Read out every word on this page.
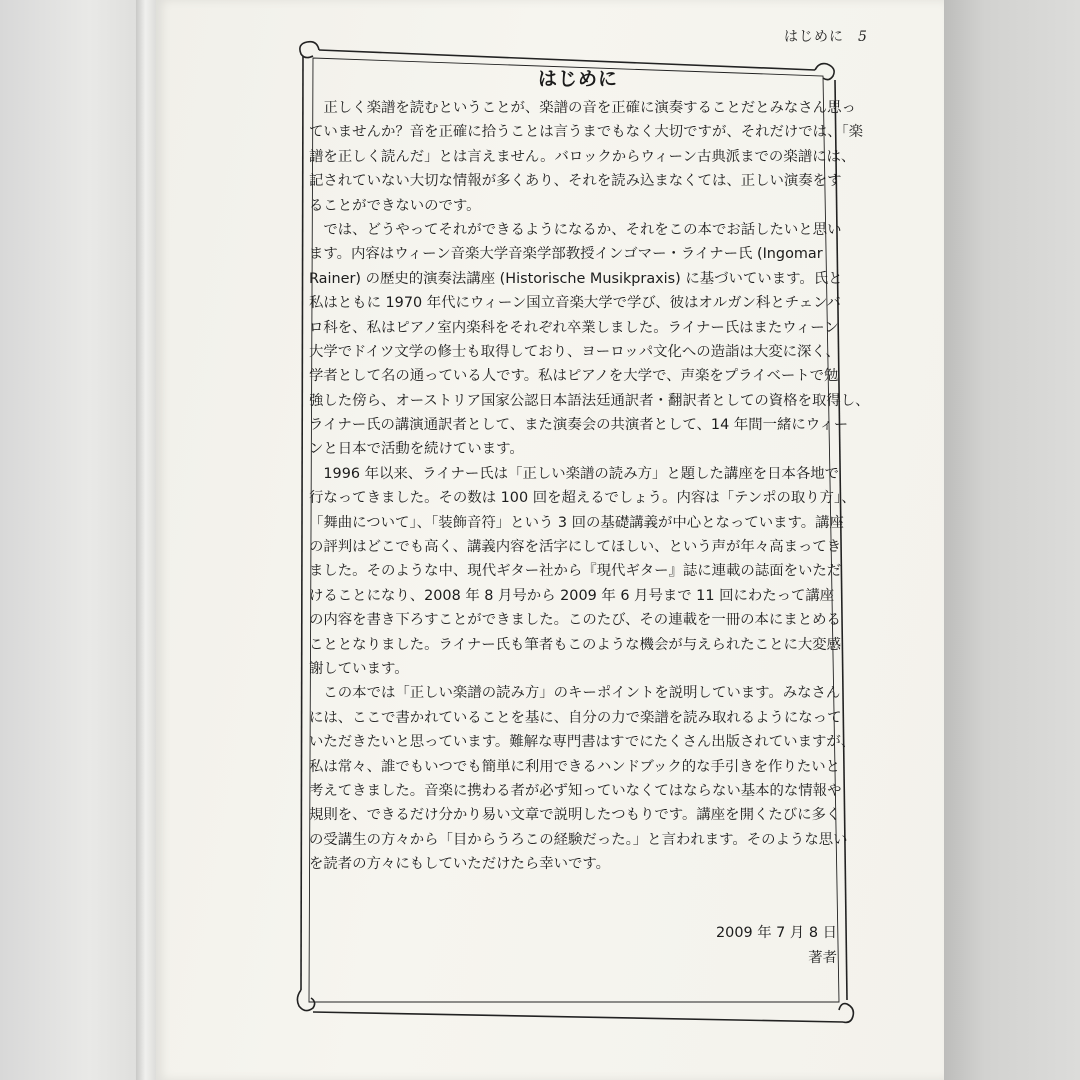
はじめに 5
はじめに
　正しく楽譜を読むということが、楽譜の音を正確に演奏することだとみなさん思っ
ていませんか？音を正確に拾うことは言うまでもなく大切ですが、それだけでは、「楽
譜を正しく読んだ」とは言えません。バロックからウィーン古典派までの楽譜には、
記されていない大切な情報が多くあり、それを読み込まなくては、正しい演奏をす
ることができないのです。
　では、どうやってそれができるようになるか、それをこの本でお話したいと思い
ます。内容はウィーン音楽大学音楽学部教授インゴマー・ライナー氏 (Ingomar
Rainer) の歴史的演奏法講座 (Historische Musikpraxis) に基づいています。氏と
私はともに 1970 年代にウィーン国立音楽大学で学び、彼はオルガン科とチェンバ
ロ科を、私はピアノ室内楽科をそれぞれ卒業しました。ライナー氏はまたウィーン
大学でドイツ文学の修士も取得しており、ヨーロッパ文化への造詣は大変に深く、
学者として名の通っている人です。私はピアノを大学で、声楽をプライベートで勉
強した傍ら、オーストリア国家公認日本語法廷通訳者・翻訳者としての資格を取得し、
ライナー氏の講演通訳者として、また演奏会の共演者として、14 年間一緒にウィー
ンと日本で活動を続けています。
　1996 年以来、ライナー氏は「正しい楽譜の読み方」と題した講座を日本各地で
行なってきました。その数は 100 回を超えるでしょう。内容は「テンポの取り方」、
「舞曲について」、「装飾音符」という 3 回の基礎講義が中心となっています。講座
の評判はどこでも高く、講義内容を活字にしてほしい、という声が年々高まってき
ました。そのような中、現代ギター社から『現代ギター』誌に連載の誌面をいただ
けることになり、2008 年 8 月号から 2009 年 6 月号まで 11 回にわたって講座
の内容を書き下ろすことができました。このたび、その連載を一冊の本にまとめる
こととなりました。ライナー氏も筆者もこのような機会が与えられたことに大変感
謝しています。
　この本では「正しい楽譜の読み方」のキーポイントを説明しています。みなさん
には、ここで書かれていることを基に、自分の力で楽譜を読み取れるようになって
いただきたいと思っています。難解な専門書はすでにたくさん出版されていますが、
私は常々、誰でもいつでも簡単に利用できるハンドブック的な手引きを作りたいと
考えてきました。音楽に携わる者が必ず知っていなくてはならない基本的な情報や
規則を、できるだけ分かり易い文章で説明したつもりです。講座を開くたびに多く
の受講生の方々から「目からうろこの経験だった。」と言われます。そのような思い
を読者の方々にもしていただけたら幸いです。
2009 年 7 月 8 日
著者
